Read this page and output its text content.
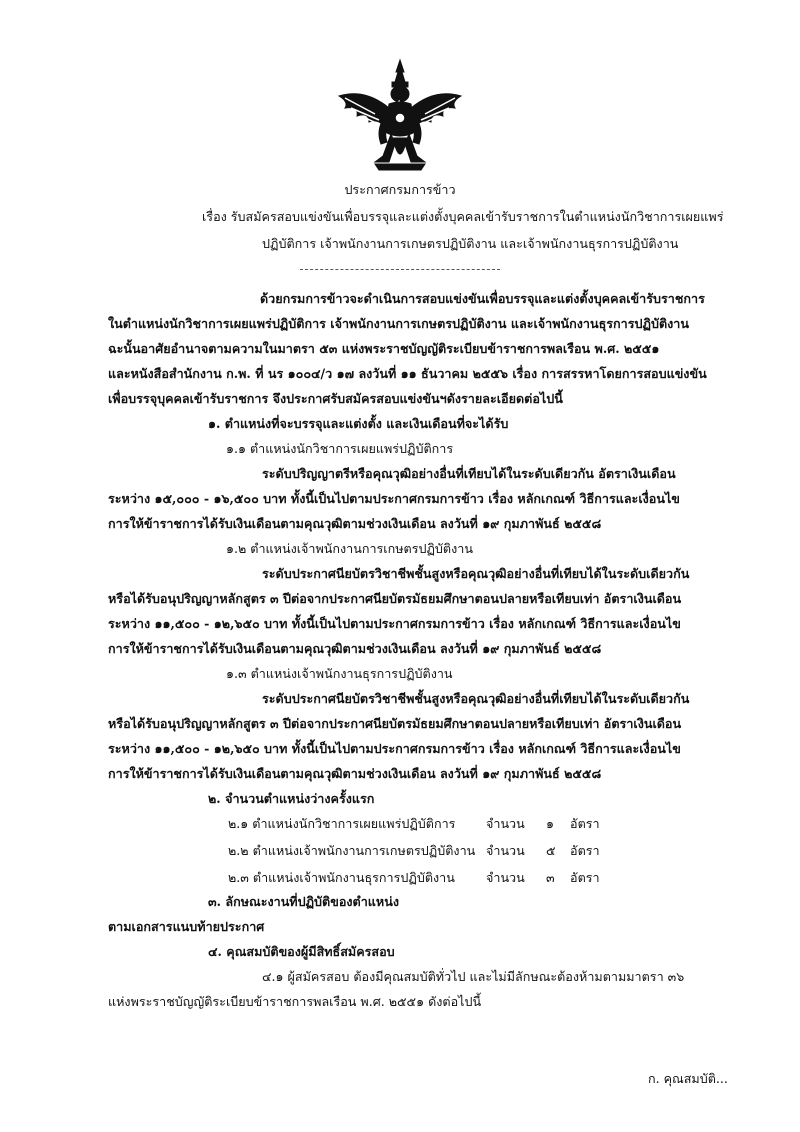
ประกาศกรมการข้าว
เรื่อง รับสมัครสอบแข่งขันเพื่อบรรจุและแต่งตั้งบุคคลเข้ารับราชการในตำแหน่งนักวิชาการเผยแพร่
ปฏิบัติการ เจ้าพนักงานการเกษตรปฏิบัติงาน และเจ้าพนักงานธุรการปฏิบัติงาน
ด้วยกรมการข้าวจะดำเนินการสอบแข่งขันเพื่อบรรจุและแต่งตั้งบุคคลเข้ารับราชการ
ในตำแหน่งนักวิชาการเผยแพร่ปฏิบัติการ เจ้าพนักงานการเกษตรปฏิบัติงาน และเจ้าพนักงานธุรการปฏิบัติงาน
ฉะนั้นอาศัยอำนาจตามความในมาตรา ๕๓ แห่งพระราชบัญญัติระเบียบข้าราชการพลเรือน พ.ศ. ๒๕๕๑
และหนังสือสำนักงาน ก.พ. ที่ นร ๑๐๐๔/ว ๑๗ ลงวันที่ ๑๑ ธันวาคม ๒๕๕๖ เรื่อง การสรรหาโดยการสอบแข่งขัน
เพื่อบรรจุบุคคลเข้ารับราชการ จึงประกาศรับสมัครสอบแข่งขันฯดังรายละเอียดต่อไปนี้
๑. ตำแหน่งที่จะบรรจุและแต่งตั้ง และเงินเดือนที่จะได้รับ
๑.๑ ตำแหน่งนักวิชาการเผยแพร่ปฏิบัติการ
ระดับปริญญาตรีหรือคุณวุฒิอย่างอื่นที่เทียบได้ในระดับเดียวกัน อัตราเงินเดือน
ระหว่าง ๑๕,๐๐๐ - ๑๖,๕๐๐ บาท ทั้งนี้เป็นไปตามประกาศกรมการข้าว เรื่อง หลักเกณฑ์ วิธีการและเงื่อนไข
การให้ข้าราชการได้รับเงินเดือนตามคุณวุฒิตามช่วงเงินเดือน ลงวันที่ ๑๙ กุมภาพันธ์ ๒๕๕๘
๑.๒ ตำแหน่งเจ้าพนักงานการเกษตรปฏิบัติงาน
ระดับประกาศนียบัตรวิชาชีพชั้นสูงหรือคุณวุฒิอย่างอื่นที่เทียบได้ในระดับเดียวกัน
หรือได้รับอนุปริญญาหลักสูตร ๓ ปีต่อจากประกาศนียบัตรมัธยมศึกษาตอนปลายหรือเทียบเท่า อัตราเงินเดือน
ระหว่าง ๑๑,๕๐๐ - ๑๒,๖๕๐ บาท ทั้งนี้เป็นไปตามประกาศกรมการข้าว เรื่อง หลักเกณฑ์ วิธีการและเงื่อนไข
การให้ข้าราชการได้รับเงินเดือนตามคุณวุฒิตามช่วงเงินเดือน ลงวันที่ ๑๙ กุมภาพันธ์ ๒๕๕๘
๑.๓ ตำแหน่งเจ้าพนักงานธุรการปฏิบัติงาน
ระดับประกาศนียบัตรวิชาชีพชั้นสูงหรือคุณวุฒิอย่างอื่นที่เทียบได้ในระดับเดียวกัน
หรือได้รับอนุปริญญาหลักสูตร ๓ ปีต่อจากประกาศนียบัตรมัธยมศึกษาตอนปลายหรือเทียบเท่า อัตราเงินเดือน
ระหว่าง ๑๑,๕๐๐ - ๑๒,๖๕๐ บาท ทั้งนี้เป็นไปตามประกาศกรมการข้าว เรื่อง หลักเกณฑ์ วิธีการและเงื่อนไข
การให้ข้าราชการได้รับเงินเดือนตามคุณวุฒิตามช่วงเงินเดือน ลงวันที่ ๑๙ กุมภาพันธ์ ๒๕๕๘
๒. จำนวนตำแหน่งว่างครั้งแรก
๒.๑ ตำแหน่งนักวิชาการเผยแพร่ปฏิบัติการ จำนวน ๑ อัตรา
๒.๒ ตำแหน่งเจ้าพนักงานการเกษตรปฏิบัติงาน จำนวน ๕ อัตรา
๒.๓ ตำแหน่งเจ้าพนักงานธุรการปฏิบัติงาน จำนวน ๓ อัตรา
๓. ลักษณะงานที่ปฏิบัติของตำแหน่ง
ตามเอกสารแนบท้ายประกาศ
๔. คุณสมบัติของผู้มีสิทธิ์สมัครสอบ
๔.๑ ผู้สมัครสอบ ต้องมีคุณสมบัติทั่วไป และไม่มีลักษณะต้องห้ามตามมาตรา ๓๖
แห่งพระราชบัญญัติระเบียบข้าราชการพลเรือน พ.ศ. ๒๕๕๑ ดังต่อไปนี้
ก. คุณสมบัติ...
